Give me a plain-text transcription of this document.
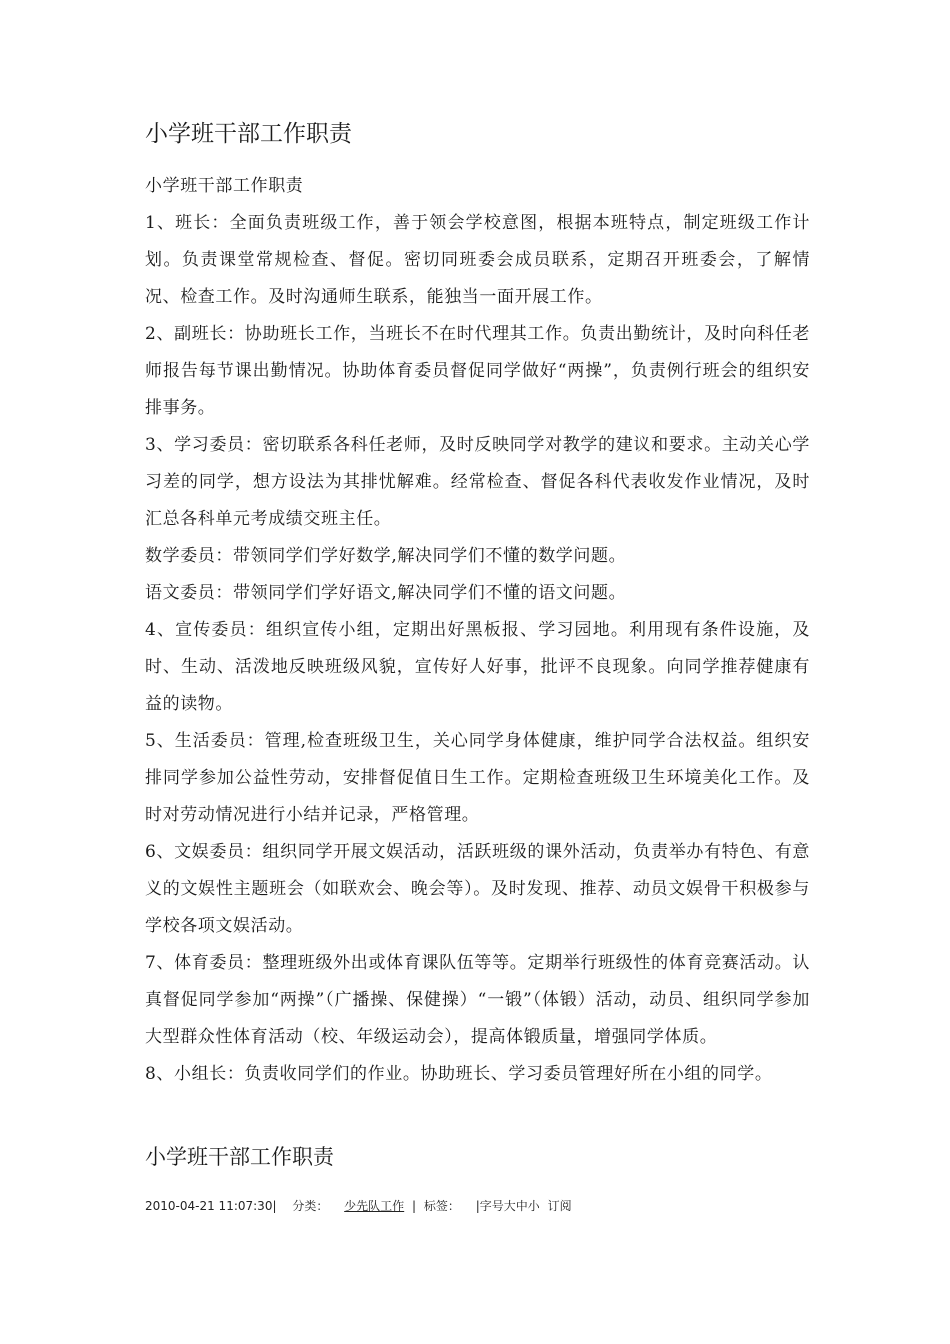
小学班干部工作职责

小学班干部工作职责

1、班长：全面负责班级工作，善于领会学校意图，根据本班特点，制定班级工作计划。负责课堂常规检查、督促。密切同班委会成员联系，定期召开班委会，了解情况、检查工作。及时沟通师生联系，能独当一面开展工作。

2、副班长：协助班长工作，当班长不在时代理其工作。负责出勤统计，及时向科任老师报告每节课出勤情况。协助体育委员督促同学做好“两操”，负责例行班会的组织安排事务。

3、学习委员：密切联系各科任老师，及时反映同学对教学的建议和要求。主动关心学习差的同学，想方设法为其排忧解难。经常检查、督促各科代表收发作业情况，及时汇总各科单元考成绩交班主任。

数学委员：带领同学们学好数学,解决同学们不懂的数学问题。

语文委员：带领同学们学好语文,解决同学们不懂的语文问题。

4、宣传委员：组织宣传小组，定期出好黑板报、学习园地。利用现有条件设施，及时、生动、活泼地反映班级风貌，宣传好人好事，批评不良现象。向同学推荐健康有益的读物。

5、生活委员：管理,检查班级卫生，关心同学身体健康，维护同学合法权益。组织安排同学参加公益性劳动，安排督促值日生工作。定期检查班级卫生环境美化工作。及时对劳动情况进行小结并记录，严格管理。

6、文娱委员：组织同学开展文娱活动，活跃班级的课外活动，负责举办有特色、有意义的文娱性主题班会（如联欢会、晚会等）。及时发现、推荐、动员文娱骨干积极参与学校各项文娱活动。

7、体育委员：整理班级外出或体育课队伍等等。定期举行班级性的体育竞赛活动。认真督促同学参加“两操”（广播操、保健操）“一锻”（体锻）活动，动员、组织同学参加大型群众性体育活动（校、年级运动会），提高体锻质量，增强同学体质。

8、小组长：负责收同学们的作业。协助班长、学习委员管理好所在小组的同学。

小学班干部工作职责
2010-04-21 11:07:30| 分类： 少先队工作 | 标签： |字号大中小 订阅
